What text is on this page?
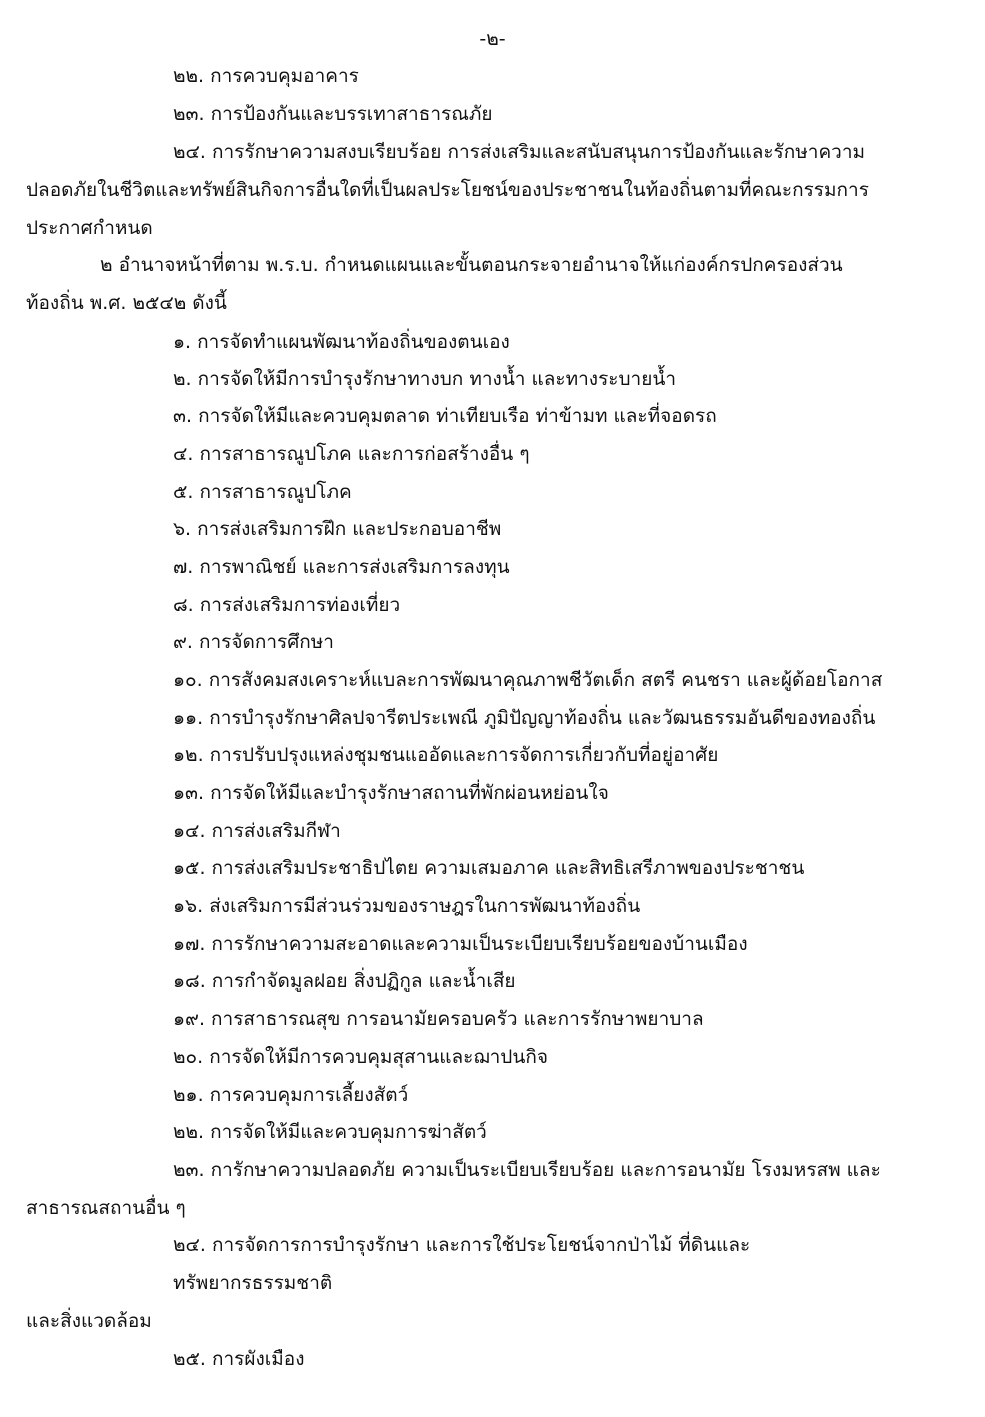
-๒-
๒๒. การควบคุมอาคาร
๒๓. การป้องกันและบรรเทาสาธารณภัย
๒๔. การรักษาความสงบเรียบร้อย การส่งเสริมและสนับสนุนการป้องกันและรักษาความ
ปลอดภัยในชีวิตและทรัพย์สินกิจการอื่นใดที่เป็นผลประโยชน์ของประชาชนในท้องถิ่นตามที่คณะกรรมการ
ประกาศกำหนด
๒ อำนาจหน้าที่ตาม พ.ร.บ. กำหนดแผนและขั้นตอนกระจายอำนาจให้แก่องค์กรปกครองส่วน
ท้องถิ่น พ.ศ. ๒๕๔๒ ดังนี้
๑. การจัดทำแผนพัฒนาท้องถิ่นของตนเอง
๒. การจัดให้มีการบำรุงรักษาทางบก ทางน้ำ และทางระบายน้ำ
๓. การจัดให้มีและควบคุมตลาด ท่าเทียบเรือ ท่าข้ามท และที่จอดรถ
๔. การสาธารณูปโภค และการก่อสร้างอื่น ๆ
๕. การสาธารณูปโภค
๖. การส่งเสริมการฝึก และประกอบอาชีพ
๗. การพาณิชย์ และการส่งเสริมการลงทุน
๘. การส่งเสริมการท่องเที่ยว
๙. การจัดการศึกษา
๑๐. การสังคมสงเคราะห์แบละการพัฒนาคุณภาพชีวัตเด็ก สตรี คนชรา และผู้ด้อยโอกาส
๑๑. การบำรุงรักษาศิลปจารีตประเพณี ภูมิปัญญาท้องถิ่น และวัฒนธรรมอันดีของทองถิ่น
๑๒. การปรับปรุงแหล่งชุมชนแออัดและการจัดการเกี่ยวกับที่อยู่อาศัย
๑๓. การจัดให้มีและบำรุงรักษาสถานที่พักผ่อนหย่อนใจ
๑๔. การส่งเสริมกีฬา
๑๕. การส่งเสริมประชาธิปไตย ความเสมอภาค และสิทธิเสรีภาพของประชาชน
๑๖. ส่งเสริมการมีส่วนร่วมของราษฎรในการพัฒนาท้องถิ่น
๑๗. การรักษาความสะอาดและความเป็นระเบียบเรียบร้อยของบ้านเมือง
๑๘. การกำจัดมูลฝอย สิ่งปฏิกูล และน้ำเสีย
๑๙. การสาธารณสุข การอนามัยครอบครัว และการรักษาพยาบาล
๒๐. การจัดให้มีการควบคุมสุสานและฌาปนกิจ
๒๑. การควบคุมการเลี้ยงสัตว์
๒๒. การจัดให้มีและควบคุมการฆ่าสัตว์
๒๓. การักษาความปลอดภัย ความเป็นระเบียบเรียบร้อย และการอนามัย โรงมหรสพ และ
สาธารณสถานอื่น ๆ
๒๔. การจัดการการบำรุงรักษา และการใช้ประโยชน์จากป่าไม้ ที่ดินและ
ทรัพยากรธรรมชาติ
และสิ่งแวดล้อม
๒๕. การผังเมือง
